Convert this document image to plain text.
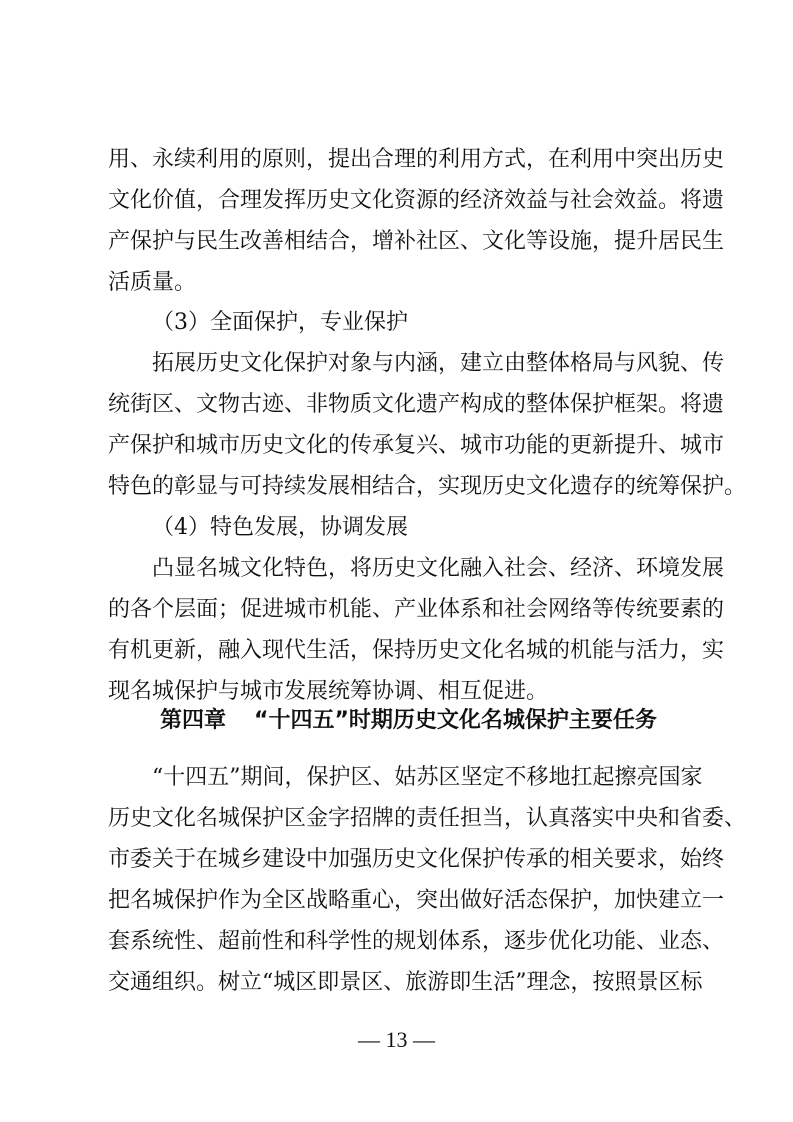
用、永续利用的原则，提出合理的利用方式，在利用中突出历史
文化价值，合理发挥历史文化资源的经济效益与社会效益。将遗
产保护与民生改善相结合，增补社区、文化等设施，提升居民生
活质量。
（3）全面保护，专业保护
拓展历史文化保护对象与内涵，建立由整体格局与风貌、传
统街区、文物古迹、非物质文化遗产构成的整体保护框架。将遗
产保护和城市历史文化的传承复兴、城市功能的更新提升、城市
特色的彰显与可持续发展相结合，实现历史文化遗存的统筹保护。
（4）特色发展，协调发展
凸显名城文化特色，将历史文化融入社会、经济、环境发展
的各个层面；促进城市机能、产业体系和社会网络等传统要素的
有机更新，融入现代生活，保持历史文化名城的机能与活力，实
现名城保护与城市发展统筹协调、相互促进。
第四章 “十四五”时期历史文化名城保护主要任务
“十四五”期间，保护区、姑苏区坚定不移地扛起擦亮国家
历史文化名城保护区金字招牌的责任担当，认真落实中央和省委、
市委关于在城乡建设中加强历史文化保护传承的相关要求，始终
把名城保护作为全区战略重心，突出做好活态保护，加快建立一
套系统性、超前性和科学性的规划体系，逐步优化功能、业态、
交通组织。树立“城区即景区、旅游即生活”理念，按照景区标
— 13 —
